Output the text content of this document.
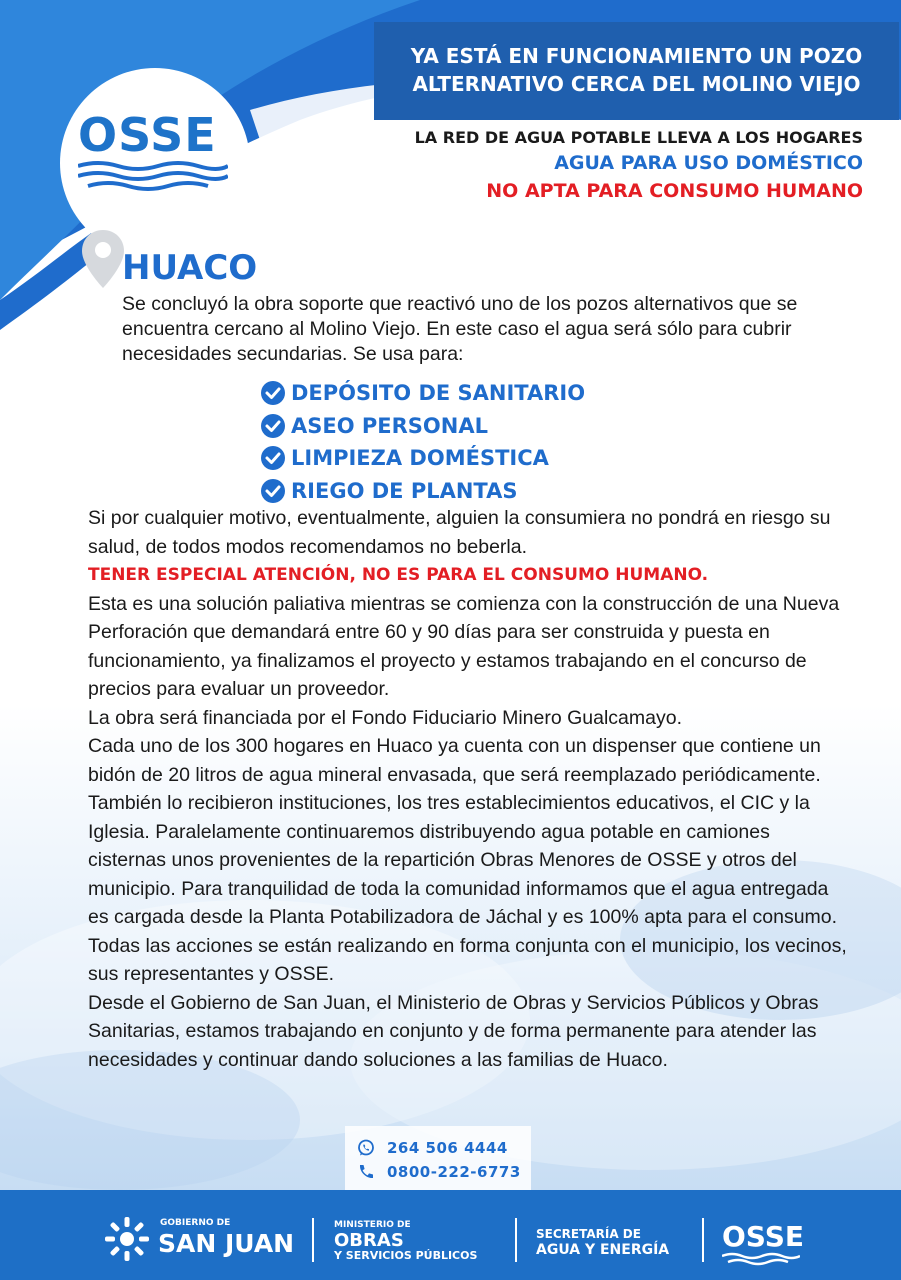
OSSE
YA ESTÁ EN FUNCIONAMIENTO UN POZO
ALTERNATIVO CERCA DEL MOLINO VIEJO
LA RED DE AGUA POTABLE LLEVA A LOS HOGARES
AGUA PARA USO DOMÉSTICO
NO APTA PARA CONSUMO HUMANO
HUACO
Se concluyó la obra soporte que reactivó uno de los pozos alternativos que se encuentra cercano al Molino Viejo. En este caso el agua será sólo para cubrir necesidades secundarias. Se usa para:
DEPÓSITO DE SANITARIO
ASEO PERSONAL
LIMPIEZA DOMÉSTICA
RIEGO DE PLANTAS

Si por cualquier motivo, eventualmente, alguien la consumiera no pondrá en riesgo su salud, de todos modos recomendamos no beberla.

TENER ESPECIAL ATENCIÓN, NO ES PARA EL CONSUMO HUMANO.

Esta es una solución paliativa mientras se comienza con la construcción de una Nueva Perforación que demandará entre 60 y 90 días para ser construida y puesta en funcionamiento, ya finalizamos el proyecto y estamos trabajando en el concurso de precios para evaluar un proveedor.

La obra será financiada por el Fondo Fiduciario Minero Gualcamayo.

Cada uno de los 300 hogares en Huaco ya cuenta con un dispenser que contiene un bidón de 20 litros de agua mineral envasada, que será reemplazado periódicamente.

También lo recibieron instituciones, los tres establecimientos educativos, el CIC y la Iglesia. Paralelamente continuaremos distribuyendo agua potable en camiones cisternas unos provenientes de la repartición Obras Menores de OSSE y otros del municipio. Para tranquilidad de toda la comunidad informamos que el agua entregada es cargada desde la Planta Potabilizadora de Jáchal y es 100% apta para el consumo. Todas las acciones se están realizando en forma conjunta con el municipio, los vecinos, sus representantes y OSSE.

Desde el Gobierno de San Juan, el Ministerio de Obras y Servicios Públicos y Obras Sanitarias, estamos trabajando en conjunto y de forma permanente para atender las necesidades y continuar dando soluciones a las familias de Huaco.

264 506 4444
0800-222-6773
GOBIERNO DE
SAN JUAN
MINISTERIO DE
OBRAS
Y SERVICIOS PÚBLICOS
SECRETARÍA DE
AGUA Y ENERGÍA OSSE
